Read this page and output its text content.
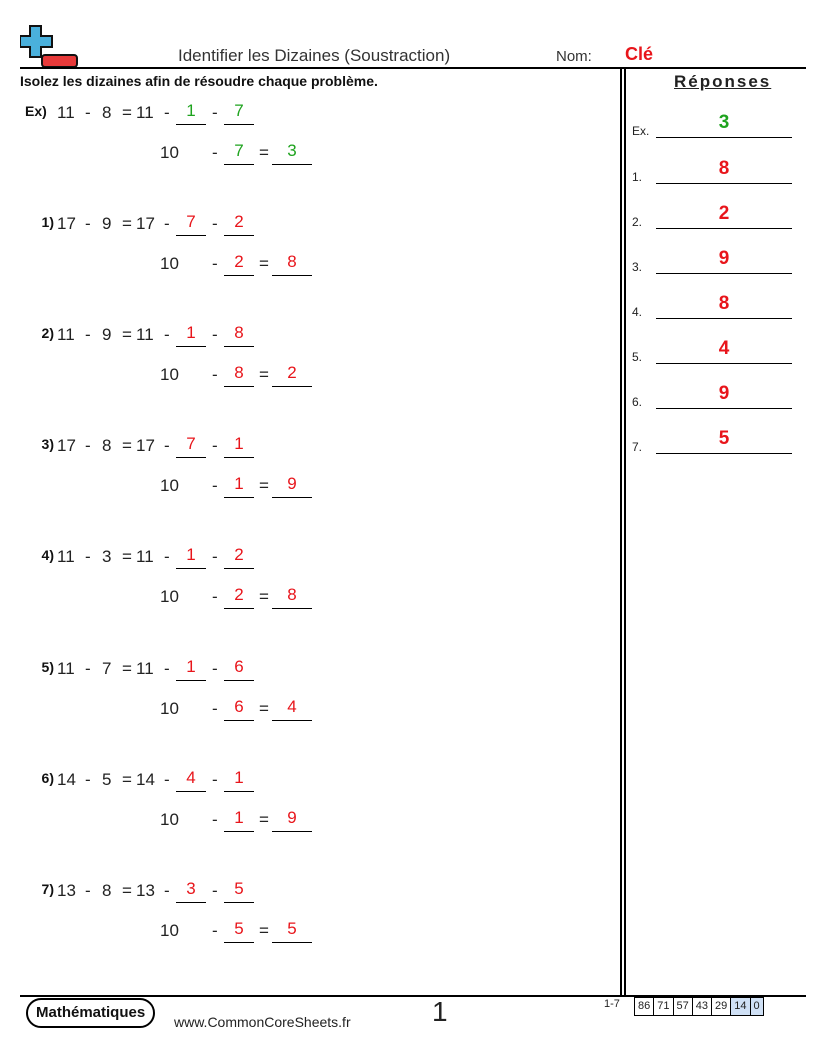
Identifier les Dizaines (Soustraction)	Nom: Clé
Isolez les dizaines afin de résoudre chaque problème.
Ex) 11 - 8 = 11 - 1 - 7
10 - 7 =	3
1) 17 - 9 = 17 - 7 - 2
10 - 2 =	8
2) 11 - 9 = 11 - 1 - 8
10 - 8 =	2
3) 17 - 8 = 17 - 7 - 1
10 - 1 =	9
4) 11 - 3 = 11 - 1 - 2
10 - 2 =	8
5) 11 - 7 = 11 - 1 - 6
10 - 6 =	4
6) 14 - 5 = 14 - 4 - 1
10 - 1 =	9
7) 13 - 8 = 13 - 3 - 5
10 - 5 =	5
Réponses
Ex.	3
1.	8
2.	2
3.	9
4.	8
5.	4
6.	9
7.	5
Mathématiques
www.CommonCoreSheets.fr	1	1-7 86 71 57 43 29 14 0
